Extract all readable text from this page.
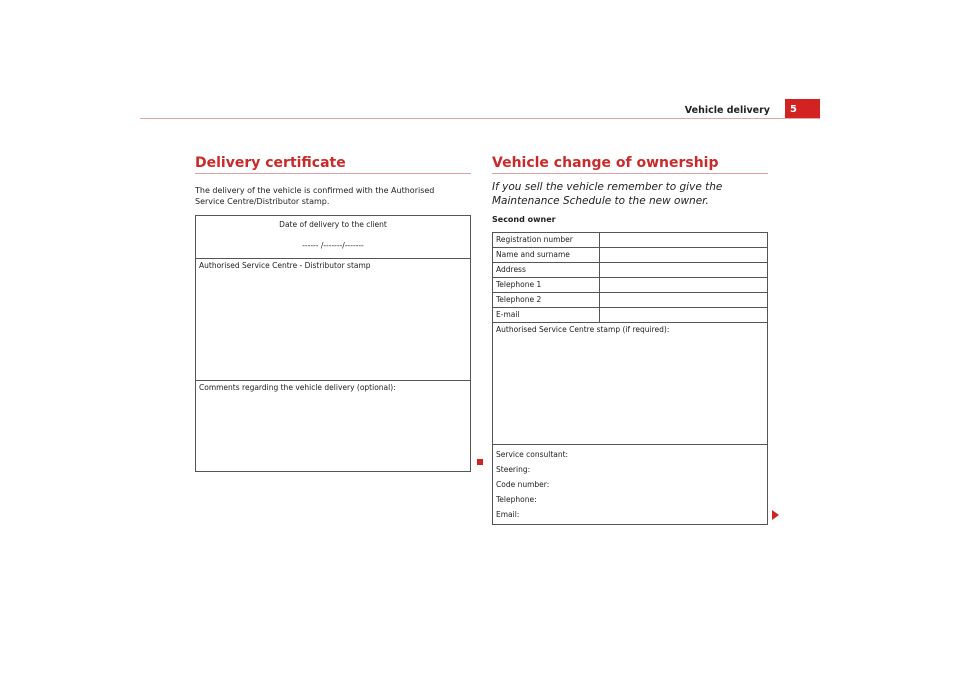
Vehicle delivery 5
Delivery certificate
The delivery of the vehicle is confirmed with the Authorised Service Centre/Distributor stamp.
Date of delivery to the client
------ /-------/-------

Authorised Service Centre - Distributor stamp

Comments regarding the vehicle delivery (optional):
Vehicle change of ownership
If you sell the vehicle remember to give the Maintenance Schedule to the new owner.
Second owner
Registration number	
Name and surname	
Address	
Telephone 1	
Telephone 2	
E-mail	

Authorised Service Centre stamp (if required):	

Service consultant:
Steering:
Code number:
Telephone:
Email:	
